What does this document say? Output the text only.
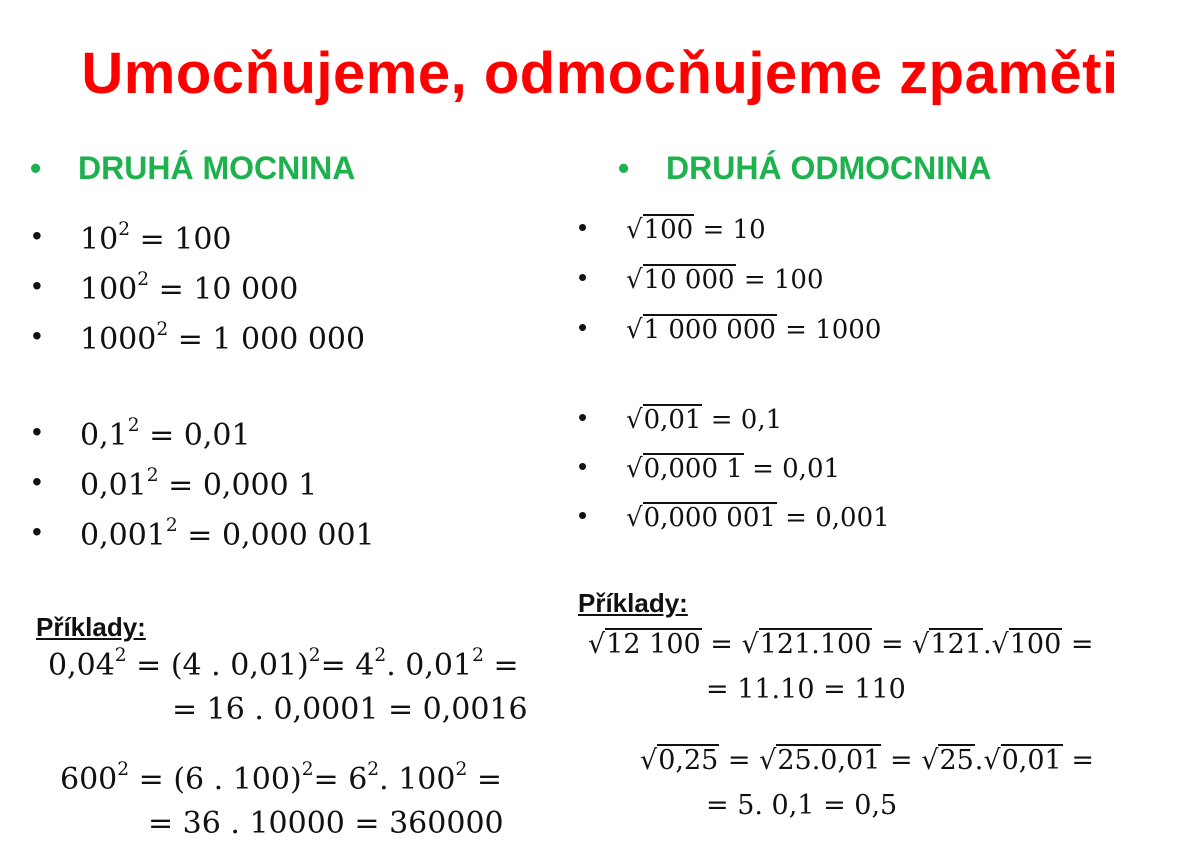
Umocňujeme, odmocňujeme zpaměti
• DRUHÁ MOCNINA
• $10^2 = 100$
• $100^2 = 10$ 000
• $1000^2 = 1$ 000 000
• $0,1^2 = 0,01$
• $0,01^2 = 0,000$ 1
• $0,001^2 = 0,000$ 001
Příklady:
$0,04^2 = (4$ . $0,01)^2= 4^2$. $0,01^2$ =
= 16 . 0,0001 = 0,0016
$600^2 = (6$ . $100)^2= 6^2$. $100^2$ =
= 36 . 10000 = 360000
• DRUHÁ ODMOCNINA
• √100 = 10
• √10 000 = 100
• √1 000 000 = 1000
• √0,01 = 0,1
• √0,000 1 = 0,01
• √0,000 001 = 0,001
Příklady:
√12 100 = √121.100 = √121.√100 =
= 11.10 = 110
√0,25 = √25.0,01 = √25.√0,01 =
= 5. 0,1 = 0,5
